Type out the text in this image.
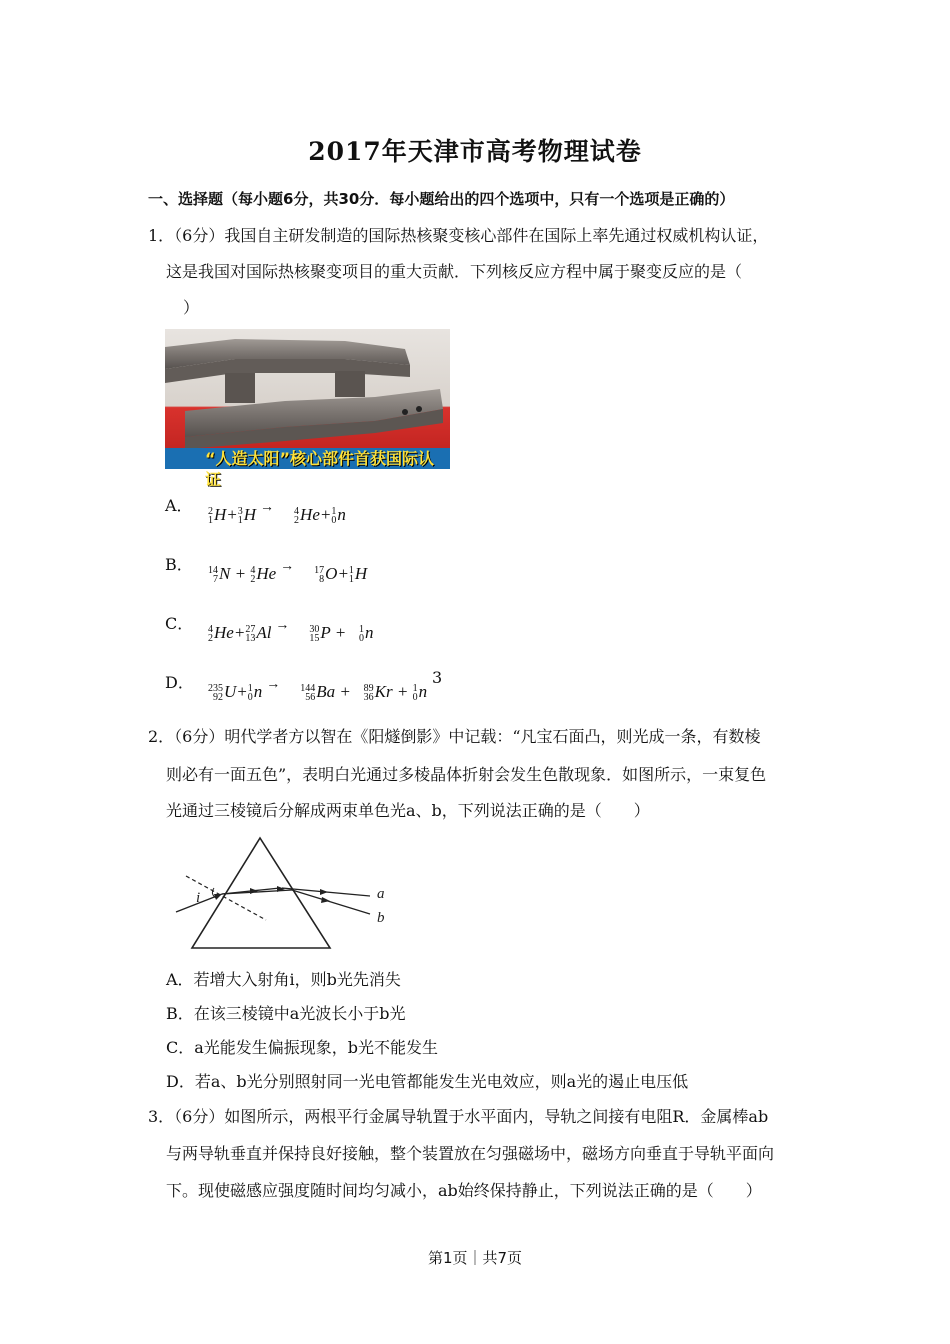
2017年天津市高考物理试卷
一、选择题（每小题6分，共30分．每小题给出的四个选项中，只有一个选项是正确的）
1．（6分）我国自主研发制造的国际热核聚变核心部件在国际上率先通过权威机构认证，
这是我国对国际热核聚变项目的重大贡献．下列核反应方程中属于聚变反应的是（
）
“人造太阳”核心部件首获国际认证
A． 2
1 H+ 3
1 H → 4
2 He+ 1
0 n
B． 14
7 N + 4
2 He → 17
8 O+ 1
1 H
C． 4
2 He+ 27
13 Al → 30
15 P + 1
0 n
D． 235
92 U+ 1
0 n → 144
56 Ba + 89
36 Kr + 1
0 n
3
2．（6分）明代学者方以智在《阳燧倒影》中记载：“凡宝石面凸，则光成一条，有数棱
则必有一面五色”，表明白光通过多棱晶体折射会发生色散现象．如图所示，一束复色
光通过三棱镜后分解成两束单色光a、b，下列说法正确的是（　　）
i	a
b
A．若增大入射角i，则b光先消失
B．在该三棱镜中a光波长小于b光
C．a光能发生偏振现象，b光不能发生
D．若a、b光分别照射同一光电管都能发生光电效应，则a光的遏止电压低
3．（6分）如图所示，两根平行金属导轨置于水平面内，导轨之间接有电阻R．金属棒ab
与两导轨垂直并保持良好接触，整个装置放在匀强磁场中，磁场方向垂直于导轨平面向
下。现使磁感应强度随时间均匀减小，ab始终保持静止，下列说法正确的是（　　）
第1页｜共7页
